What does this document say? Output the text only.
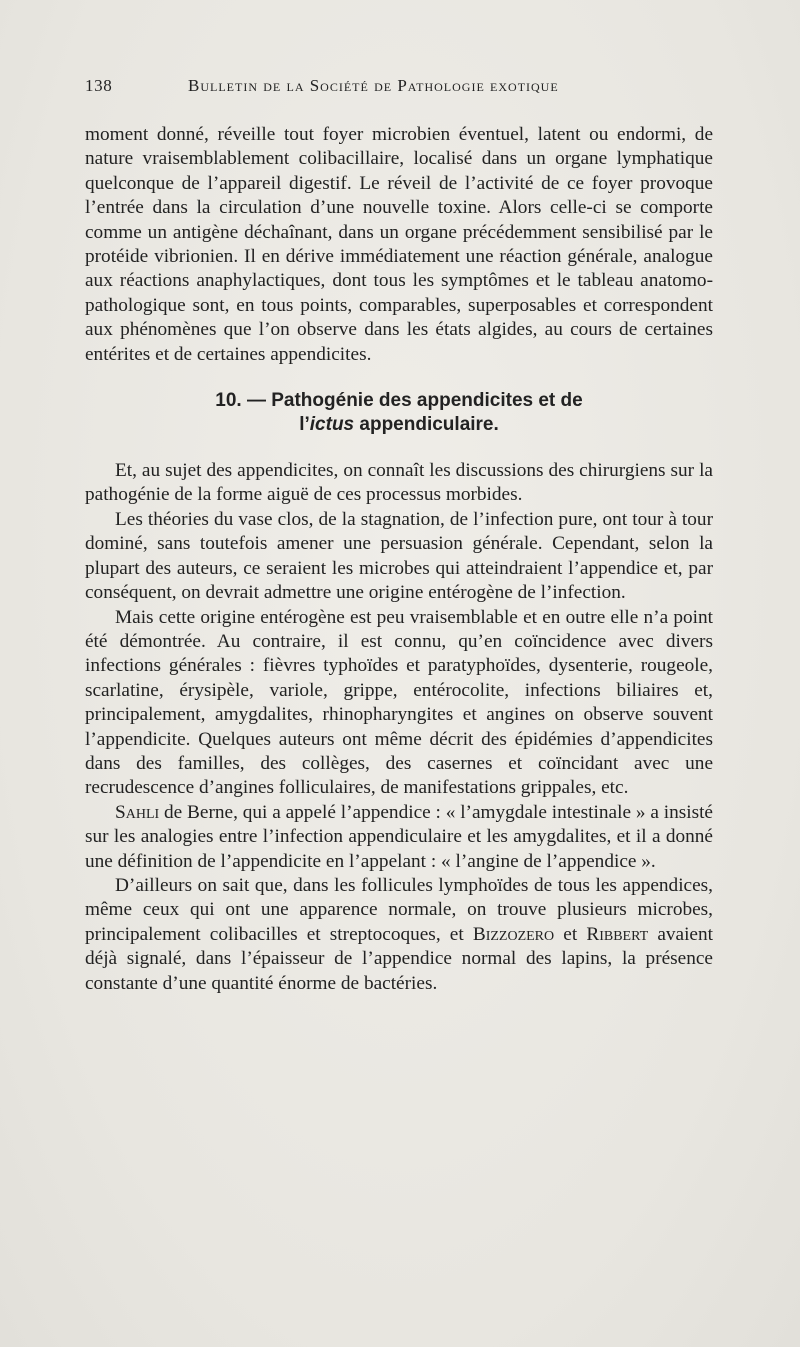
138	Bulletin de la Société de Pathologie exotique

moment donné, réveille tout foyer microbien éventuel, latent ou endormi, de nature vraisemblablement colibacillaire, localisé dans un organe lymphatique quelconque de l’appareil digestif. Le réveil de l’activité de ce foyer provoque l’entrée dans la circulation d’une nouvelle toxine. Alors celle-ci se comporte comme un antigène déchaînant, dans un organe précédemment sensibilisé par le protéide vibrionien. Il en dérive immédiatement une réaction générale, analogue aux réactions anaphylactiques, dont tous les symptômes et le tableau anatomo-pathologique sont, en tous points, comparables, superposables et correspondent aux phénomènes que l’on observe dans les états algides, au cours de certaines entérites et de certaines appendicites.

10. — Pathogénie des appendicites et de
l’ictus appendiculaire.

Et, au sujet des appendicites, on connaît les discussions des chirurgiens sur la pathogénie de la forme aiguë de ces processus morbides.

Les théories du vase clos, de la stagnation, de l’infection pure, ont tour à tour dominé, sans toutefois amener une persuasion générale. Cependant, selon la plupart des auteurs, ce seraient les microbes qui atteindraient l’appendice et, par conséquent, on devrait admettre une origine entérogène de l’infection.

Mais cette origine entérogène est peu vraisemblable et en outre elle n’a point été démontrée. Au contraire, il est connu, qu’en coïncidence avec divers infections générales : fièvres typhoïdes et paratyphoïdes, dysenterie, rougeole, scarlatine, érysipèle, variole, grippe, entérocolite, infections biliaires et, principalement, amygdalites, rhinopharyngites et angines on observe souvent l’appendicite. Quelques auteurs ont même décrit des épidémies d’appendicites dans des familles, des collèges, des casernes et coïncidant avec une recrudescence d’angines folliculaires, de manifestations grippales, etc.

Sahli de Berne, qui a appelé l’appendice : « l’amygdale intestinale » a insisté sur les analogies entre l’infection appendiculaire et les amygdalites, et il a donné une définition de l’appendicite en l’appelant : « l’angine de l’appendice ».

D’ailleurs on sait que, dans les follicules lymphoïdes de tous les appendices, même ceux qui ont une apparence normale, on trouve plusieurs microbes, principalement colibacilles et streptocoques, et Bizzozero et Ribbert avaient déjà signalé, dans l’épaisseur de l’appendice normal des lapins, la présence constante d’une quantité énorme de bactéries.
